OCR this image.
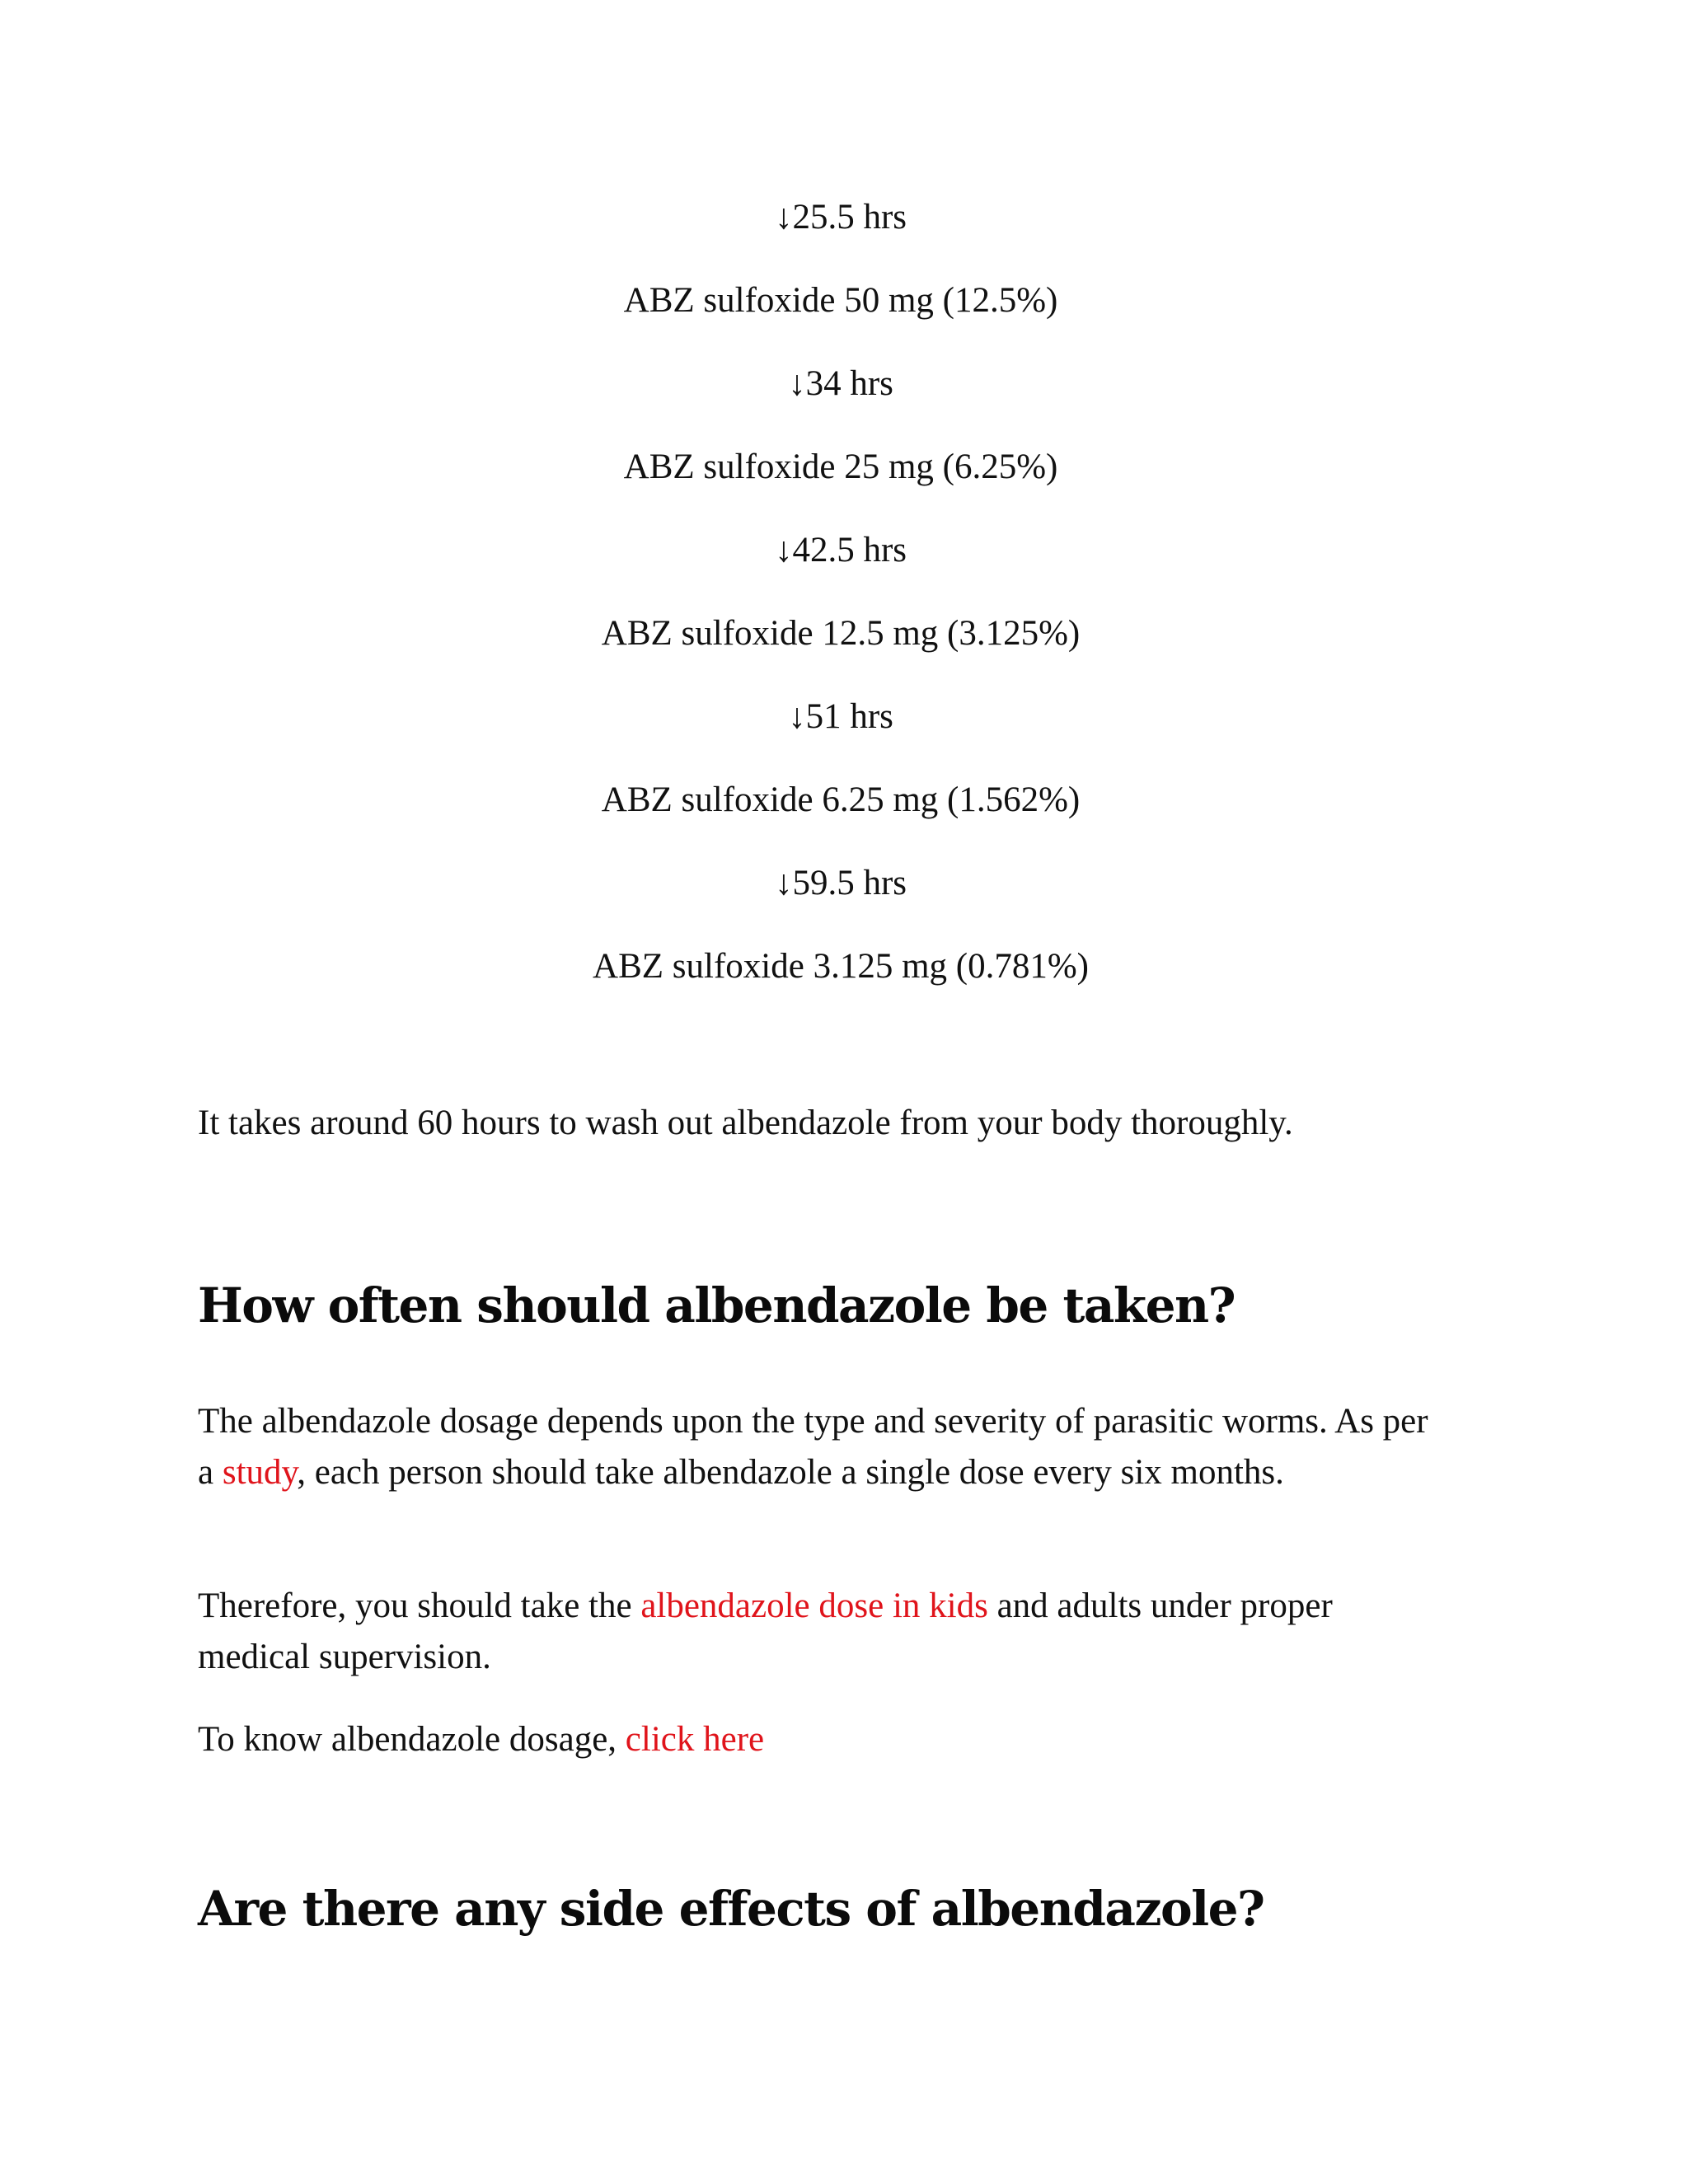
↓25.5 hrs

ABZ sulfoxide 50 mg (12.5%)

↓34 hrs

ABZ sulfoxide 25 mg (6.25%)

↓42.5 hrs

ABZ sulfoxide 12.5 mg (3.125%)

↓51 hrs

ABZ sulfoxide 6.25 mg (1.562%)

↓59.5 hrs

ABZ sulfoxide 3.125 mg (0.781%)

It takes around 60 hours to wash out albendazole from your body thoroughly.

How often should albendazole be taken?

The albendazole dosage depends upon the type and severity of parasitic worms. As per a study, each person should take albendazole a single dose every six months.

Therefore, you should take the albendazole dose in kids and adults under proper medical supervision.

To know albendazole dosage, click here

Are there any side effects of albendazole?
